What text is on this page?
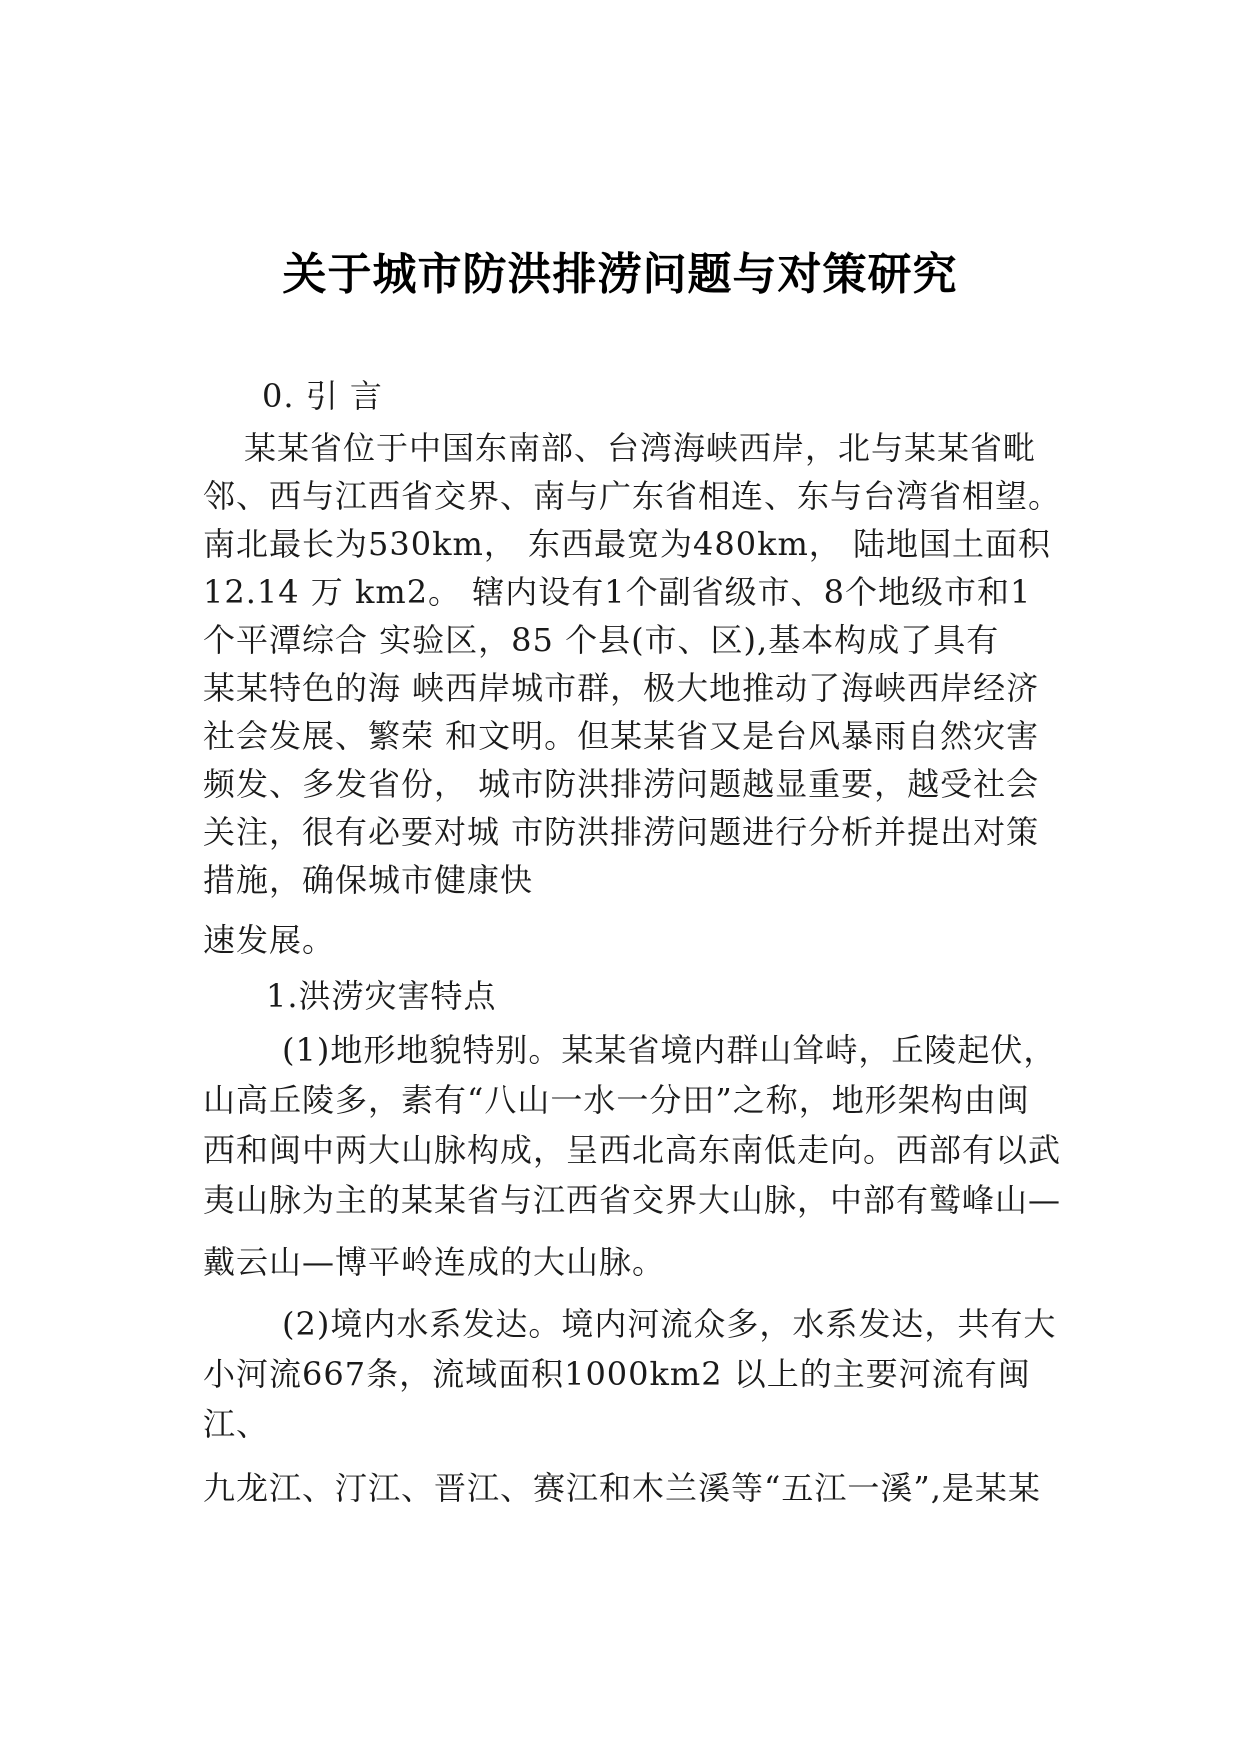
关于城市防洪排涝问题与对策研究
0. 引 言
某某省位于中国东南部、台湾海峡西岸，北与某某省毗
邻、西与江西省交界、南与广东省相连、东与台湾省相望。
南北最长为530km， 东西最宽为480km， 陆地国土面积
12.14 万 km2。 辖内设有1个副省级市、8个地级市和1
个平潭综合 实验区，85 个县(市、区),基本构成了具有
某某特色的海 峡西岸城市群，极大地推动了海峡西岸经济
社会发展、繁荣 和文明。但某某省又是台风暴雨自然灾害
频发、多发省份， 城市防洪排涝问题越显重要，越受社会
关注，很有必要对城 市防洪排涝问题进行分析并提出对策
措施，确保城市健康快
速发展。
1.洪涝灾害特点
(1)地形地貌特别。某某省境内群山耸峙，丘陵起伏，
山高丘陵多，素有“八山一水一分田”之称，地形架构由闽
西和闽中两大山脉构成，呈西北高东南低走向。西部有以武
夷山脉为主的某某省与江西省交界大山脉，中部有鹫峰山—
戴云山—博平岭连成的大山脉。
(2)境内水系发达。境内河流众多，水系发达，共有大
小河流667条，流域面积1000km2 以上的主要河流有闽
江、
九龙江、汀江、晋江、赛江和木兰溪等“五江一溪”,是某某
